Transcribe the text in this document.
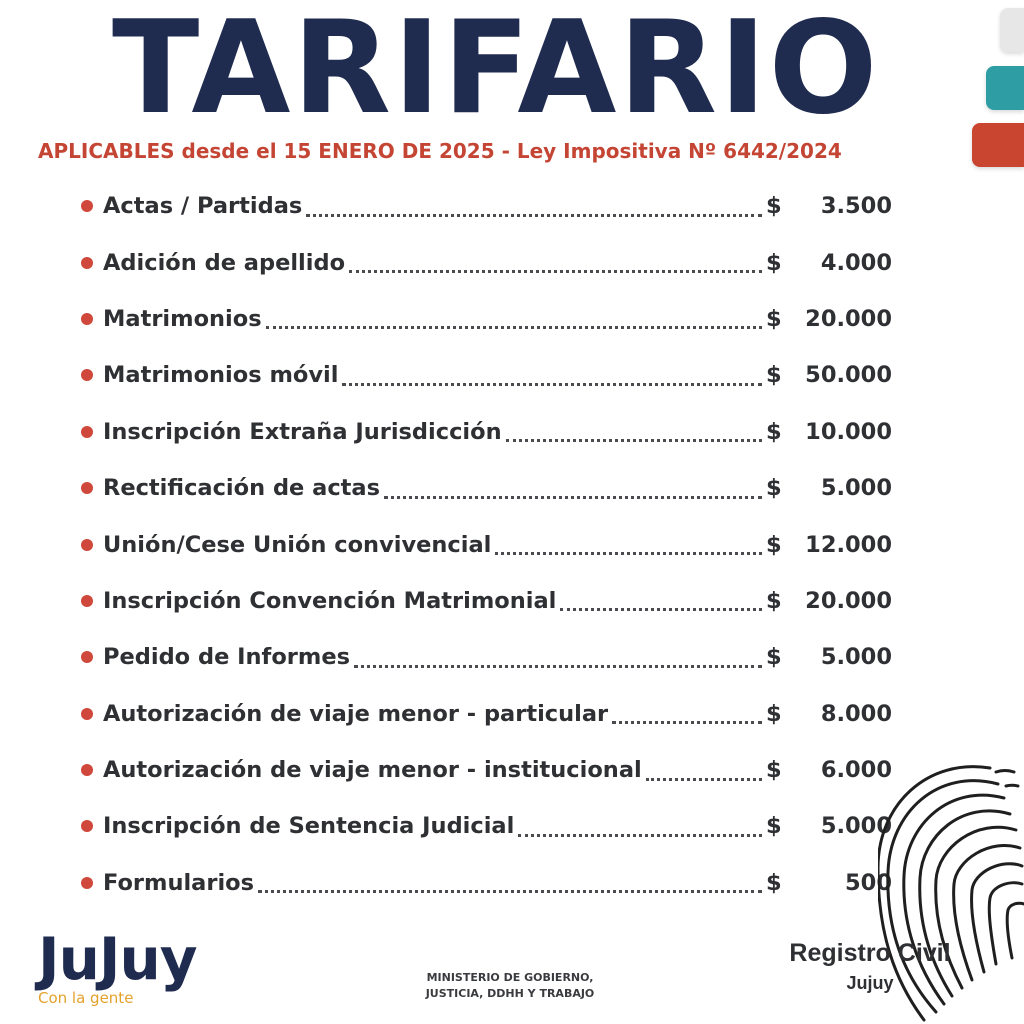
TARIFARIO
APLICABLES desde el 15 ENERO DE 2025 - Ley Impositiva Nº 6442/2024
Actas / Partidas	$ 3.500
Adición de apellido	$ 4.000
Matrimonios	$ 20.000
Matrimonios móvil	$ 50.000
Inscripción Extraña Jurisdicción	$ 10.000
Rectificación de actas	$ 5.000
Unión/Cese Unión convivencial	$ 12.000
Inscripción Convención Matrimonial	$ 20.000
Pedido de Informes	$ 5.000
Autorización de viaje menor - particular	$ 8.000
Autorización de viaje menor - institucional	$ 6.000
Inscripción de Sentencia Judicial	$ 5.000
Formularios	$	500
JuJuy
Con la gente
MINISTERIO DE GOBIERNO,
JUSTICIA, DDHH Y TRABAJO
Registro Civil
Jujuy
